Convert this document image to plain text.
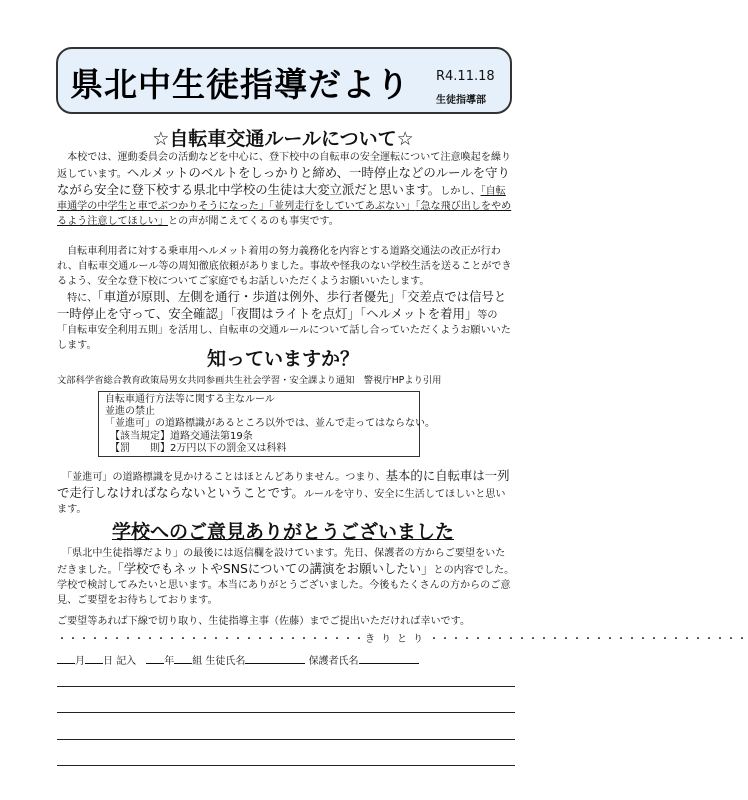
県北中生徒指導だより R4.11.18
生徒指導部
☆自転車交通ルールについて☆

　本校では、運動委員会の活動などを中心に、登下校中の自転車の安全運転について注意喚起を繰り返しています。ヘルメットのベルトをしっかりと締め、一時停止などのルールを守りながら安全に登下校する県北中学校の生徒は大変立派だと思います。しかし、「自転車通学の中学生と車でぶつかりそうになった」「並列走行をしていてあぶない」「急な飛び出しをやめるよう注意してほしい」との声が聞こえてくるのも事実です。

　自転車利用者に対する乗車用ヘルメット着用の努力義務化を内容とする道路交通法の改正が行われ、自転車交通ルール等の周知徹底依頼がありました。事故や怪我のない学校生活を送ることができるよう、安全な登下校についてご家庭でもお話しいただくようお願いいたします。

　特に、「車道が原則、左側を通行・歩道は例外、歩行者優先」「交差点では信号と一時停止を守って、安全確認」「夜間はライトを点灯」「ヘルメットを着用」等の「自転車安全利用五則」を活用し、自転車の交通ルールについて話し合っていただくようお願いいたします。

知っていますか？
文部科学省総合教育政策局男女共同参画共生社会学習・安全課より通知　警視庁HPより引用
自転車通行方法等に関する主なルール
並進の禁止
「並進可」の道路標識があるところ以外では、並んで走ってはならない。
　【該当規定】道路交通法第19条
　【罰　　則】2万円以下の罰金又は科料

　「並進可」の道路標識を見かけることはほとんどありません。つまり、基本的に自転車は一列で走行しなければならないということです。ルールを守り、安全に生活してほしいと思います。

学校へのご意見ありがとうございました

　「県北中生徒指導だより」の最後には返信欄を設けています。先日、保護者の方からご要望をいただきました。「学校でもネットやSNSについての講演をお願いしたい」との内容でした。学校で検討してみたいと思います。本当にありがとうございました。今後もたくさんの方からのご意見、ご要望をお待ちしております。

ご要望等あれば下線で切り取り、生徒指導主事（佐藤）までご提出いただければ幸いです。
・・・・・・・・・・・・・・・・・・・・・・・・・・・・きりとり・・・・・・・・・・・・・・・・・・・・・・・・・・・・・
月 日 記入　	年 組 生徒氏名	保護者氏名
